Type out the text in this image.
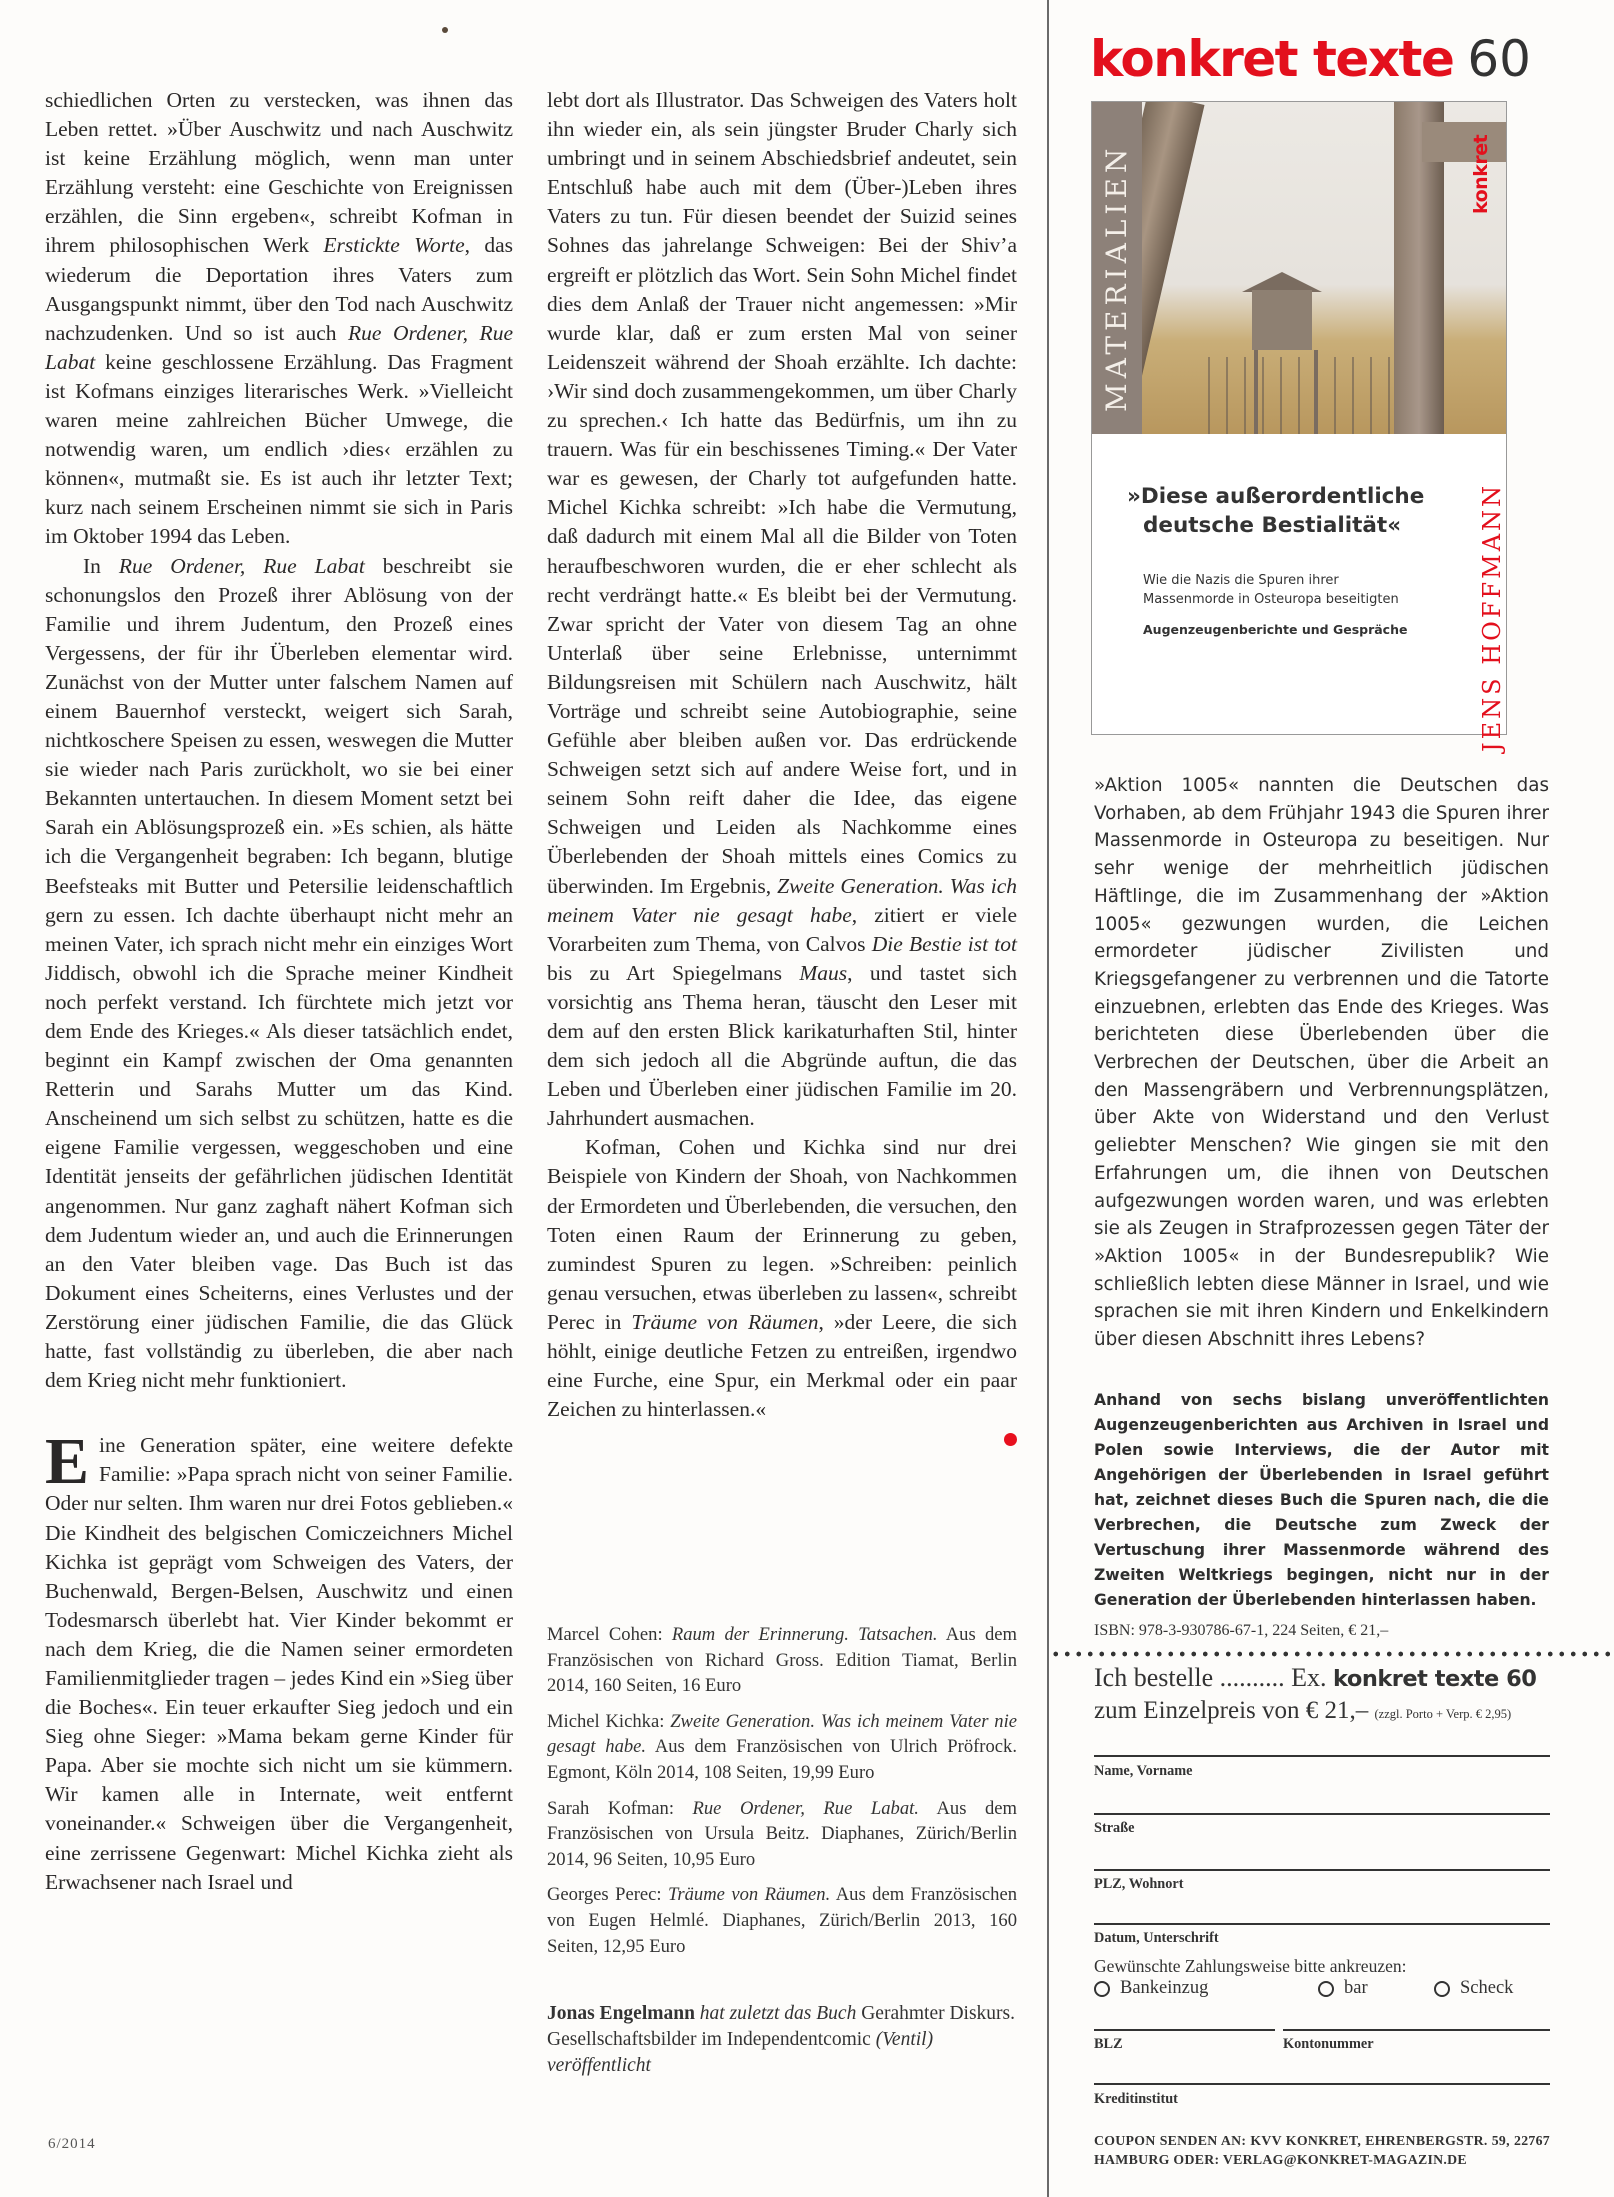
schiedlichen Orten zu verstecken, was ihnen das Leben rettet. »Über Auschwitz und nach Auschwitz ist keine Erzählung möglich, wenn man unter Erzählung versteht: eine Geschichte von Ereignissen erzählen, die Sinn ergeben«, schreibt Kofman in ihrem philosophischen Werk Erstickte Worte, das wiederum die Deportation ihres Vaters zum Ausgangspunkt nimmt, über den Tod nach Auschwitz nachzudenken. Und so ist auch Rue Ordener, Rue Labat keine geschlossene Erzählung. Das Fragment ist Kofmans einziges literarisches Werk. »Vielleicht waren meine zahlreichen Bücher Umwege, die notwendig waren, um endlich ›dies‹ erzählen zu können«, mutmaßt sie. Es ist auch ihr letzter Text; kurz nach seinem Erscheinen nimmt sie sich in Paris im Oktober 1994 das Leben.

In Rue Ordener, Rue Labat beschreibt sie schonungslos den Prozeß ihrer Ablösung von der Familie und ihrem Judentum, den Prozeß eines Vergessens, der für ihr Überleben elementar wird. Zunächst von der Mutter unter falschem Namen auf einem Bauernhof versteckt, weigert sich Sarah, nichtkoschere Speisen zu essen, weswegen die Mutter sie wieder nach Paris zurückholt, wo sie bei einer Bekannten untertauchen. In diesem Moment setzt bei Sarah ein Ablösungsprozeß ein. »Es schien, als hätte ich die Vergangenheit begraben: Ich begann, blutige Beefsteaks mit Butter und Petersilie leidenschaftlich gern zu essen. Ich dachte überhaupt nicht mehr an meinen Vater, ich sprach nicht mehr ein einziges Wort Jiddisch, obwohl ich die Sprache meiner Kindheit noch perfekt verstand. Ich fürchtete mich jetzt vor dem Ende des Krieges.« Als dieser tatsächlich endet, beginnt ein Kampf zwischen der Oma genannten Retterin und Sarahs Mutter um das Kind. Anscheinend um sich selbst zu schützen, hatte es die eigene Familie vergessen, weggeschoben und eine Identität jenseits der gefährlichen jüdischen Identität angenommen. Nur ganz zaghaft nähert Kofman sich dem Judentum wieder an, und auch die Erinnerungen an den Vater bleiben vage. Das Buch ist das Dokument eines Scheiterns, eines Verlustes und der Zerstörung einer jüdischen Familie, die das Glück hatte, fast vollständig zu überleben, die aber nach dem Krieg nicht mehr funktioniert.

Eine Generation später, eine weitere defekte Familie: »Papa sprach nicht von seiner Familie. Oder nur selten. Ihm waren nur drei Fotos geblieben.« Die Kindheit des belgischen Comiczeichners Michel Kichka ist geprägt vom Schweigen des Vaters, der Buchenwald, Bergen-Belsen, Auschwitz und einen Todesmarsch überlebt hat. Vier Kinder bekommt er nach dem Krieg, die die Namen seiner ermordeten Familienmitglieder tragen – jedes Kind ein »Sieg über die Boches«. Ein teuer erkaufter Sieg jedoch und ein Sieg ohne Sieger: »Mama bekam gerne Kinder für Papa. Aber sie mochte sich nicht um sie kümmern. Wir kamen alle in Internate, weit entfernt voneinander.« Schweigen über die Vergangenheit, eine zerrissene Gegenwart: Michel Kichka zieht als Erwachsener nach Israel und

lebt dort als Illustrator. Das Schweigen des Vaters holt ihn wieder ein, als sein jüngster Bruder Charly sich umbringt und in seinem Abschiedsbrief andeutet, sein Entschluß habe auch mit dem (Über-)Leben ihres Vaters zu tun. Für diesen beendet der Suizid seines Sohnes das jahrelange Schweigen: Bei der Shiv’a ergreift er plötzlich das Wort. Sein Sohn Michel findet dies dem Anlaß der Trauer nicht angemessen: »Mir wurde klar, daß er zum ersten Mal von seiner Leidenszeit während der Shoah erzählte. Ich dachte: ›Wir sind doch zusammengekommen, um über Charly zu sprechen.‹ Ich hatte das Bedürfnis, um ihn zu trauern. Was für ein beschissenes Timing.« Der Vater war es gewesen, der Charly tot aufgefunden hatte. Michel Kichka schreibt: »Ich habe die Vermutung, daß dadurch mit einem Mal all die Bilder von Toten heraufbeschworen wurden, die er eher schlecht als recht verdrängt hatte.« Es bleibt bei der Vermutung. Zwar spricht der Vater von diesem Tag an ohne Unterlaß über seine Erlebnisse, unternimmt Bildungsreisen mit Schülern nach Auschwitz, hält Vorträge und schreibt seine Autobiographie, seine Gefühle aber bleiben außen vor. Das erdrückende Schweigen setzt sich auf andere Weise fort, und in seinem Sohn reift daher die Idee, das eigene Schweigen und Leiden als Nachkomme eines Überlebenden der Shoah mittels eines Comics zu überwinden. Im Ergebnis, Zweite Generation. Was ich meinem Vater nie gesagt habe, zitiert er viele Vorarbeiten zum Thema, von Calvos Die Bestie ist tot bis zu Art Spiegelmans Maus, und tastet sich vorsichtig ans Thema heran, täuscht den Leser mit dem auf den ersten Blick karikaturhaften Stil, hinter dem sich jedoch all die Abgründe auftun, die das Leben und Überleben einer jüdischen Familie im 20. Jahrhundert ausmachen.

Kofman, Cohen und Kichka sind nur drei Beispiele von Kindern der Shoah, von Nachkommen der Ermordeten und Überlebenden, die versuchen, den Toten einen Raum der Erinnerung zu geben, zumindest Spuren zu legen. »Schreiben: peinlich genau versuchen, etwas überleben zu lassen«, schreibt Perec in Träume von Räumen, »der Leere, die sich höhlt, einige deutliche Fetzen zu entreißen, irgendwo eine Furche, eine Spur, ein Merkmal oder ein paar Zeichen zu hinterlassen.«

Marcel Cohen: Raum der Erinnerung. Tatsachen. Aus dem Französischen von Richard Gross. Edition Tiamat, Berlin 2014, 160 Seiten, 16 Euro

Michel Kichka: Zweite Generation. Was ich meinem Vater nie gesagt habe. Aus dem Französischen von Ulrich Pröfrock. Egmont, Köln 2014, 108 Seiten, 19,99 Euro

Sarah Kofman: Rue Ordener, Rue Labat. Aus dem Französischen von Ursula Beitz. Diaphanes, Zürich/Berlin 2014, 96 Seiten, 10,95 Euro

Georges Perec: Träume von Räumen. Aus dem Französischen von Eugen Helmlé. Diaphanes, Zürich/Berlin 2013, 160 Seiten, 12,95 Euro

Jonas Engelmann hat zuletzt das Buch Gerahmter Diskurs. Gesellschaftsbilder im Independentcomic (Ventil) veröffentlicht
6/2014
konkret texte 60
MATERIALIEN	konkret
»Diese außerordentliche
deutsche Bestialität«
Wie die Nazis die Spuren ihrer
Massenmorde in Osteuropa beseitigten
Augenzeugenberichte und Gespräche	JENS HOFFMANN

»Aktion 1005« nannten die Deutschen das Vorhaben, ab dem Frühjahr 1943 die Spuren ihrer Massenmorde in Osteuropa zu beseitigen. Nur sehr wenige der mehrheitlich jüdischen Häftlinge, die im Zusammenhang der »Aktion 1005« gezwungen wurden, die Leichen ermordeter jüdischer Zivilisten und Kriegsgefangener zu verbrennen und die Tatorte einzuebnen, erlebten das Ende des Krieges. Was berichteten diese Überlebenden über die Verbrechen der Deutschen, über die Arbeit an den Massengräbern und Verbrennungsplätzen, über Akte von Widerstand und den Verlust geliebter Menschen? Wie gingen sie mit den Erfahrungen um, die ihnen von Deutschen aufgezwungen worden waren, und was erlebten sie als Zeugen in Strafprozessen gegen Täter der »Aktion 1005« in der Bundesrepublik? Wie schließlich lebten diese Männer in Israel, und wie sprachen sie mit ihren Kindern und Enkelkindern über diesen Abschnitt ihres Lebens?

Anhand von sechs bislang unveröffentlichten Augenzeugenberichten aus Archiven in Israel und Polen sowie Interviews, die der Autor mit Angehörigen der Überlebenden in Israel geführt hat, zeichnet dieses Buch die Spuren nach, die die Verbrechen, die Deutsche zum Zweck der Vertuschung ihrer Massenmorde während des Zweiten Weltkriegs begingen, nicht nur in der Generation der Überlebenden hinterlassen haben.
ISBN: 978-3-930786-67-1, 224 Seiten, € 21,–
Ich bestelle .......... Ex. konkret texte 60
zum Einzelpreis von € 21,– (zzgl. Porto + Verp. € 2,95)
Name, Vorname
Straße
PLZ, Wohnort
Datum, Unterschrift
Gewünschte Zahlungsweise bitte ankreuzen:
Bankeinzug	bar	Scheck
BLZ	Kontonummer
Kreditinstitut
COUPON SENDEN AN: KVV KONKRET, EHRENBERGSTR. 59, 22767 HAMBURG ODER: VERLAG@KONKRET-MAGAZIN.DE
